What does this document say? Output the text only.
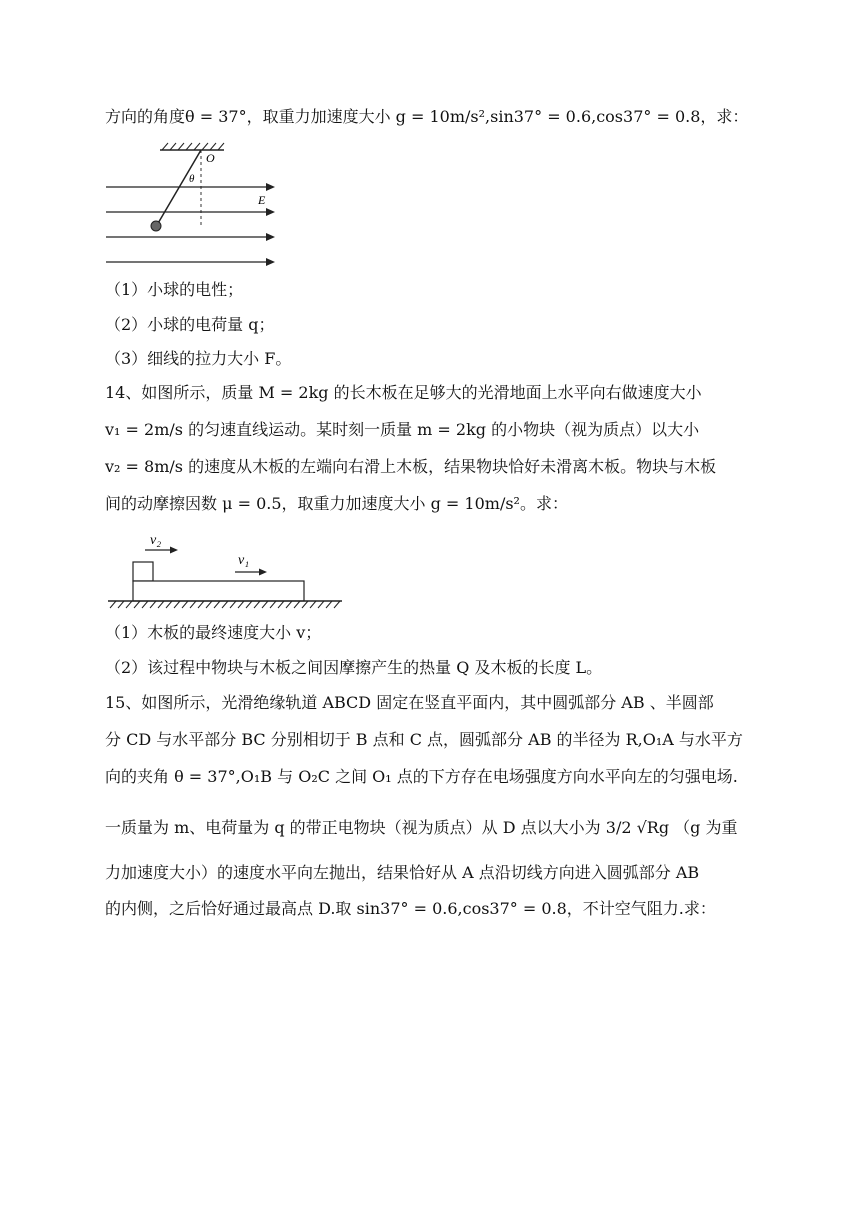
方向的角度θ = 37°，取重力加速度大小 g = 10m/s²,sin37° = 0.6,cos37° = 0.8，求：
O
θ
E
（1）小球的电性；
（2）小球的电荷量 q；
（3）细线的拉力大小 F。
14、如图所示，质量 M = 2kg 的长木板在足够大的光滑地面上水平向右做速度大小
v₁ = 2m/s 的匀速直线运动。某时刻一质量 m = 2kg 的小物块（视为质点）以大小
v₂ = 8m/s 的速度从木板的左端向右滑上木板，结果物块恰好未滑离木板。物块与木板
间的动摩擦因数 μ = 0.5，取重力加速度大小 g = 10m/s²。求：
v₂
v₁
（1）木板的最终速度大小 v；
（2）该过程中物块与木板之间因摩擦产生的热量 Q 及木板的长度 L。
15、如图所示，光滑绝缘轨道 ABCD 固定在竖直平面内，其中圆弧部分 AB 、半圆部
分 CD 与水平部分 BC 分别相切于 B 点和 C 点，圆弧部分 AB 的半径为 R,O₁A 与水平方
向的夹角 θ = 37°,O₁B 与 O₂C 之间 O₁ 点的下方存在电场强度方向水平向左的匀强电场.
一质量为 m、电荷量为 q 的带正电物块（视为质点）从 D 点以大小为 3/2 √Rg （g 为重
力加速度大小）的速度水平向左抛出，结果恰好从 A 点沿切线方向进入圆弧部分 AB
的内侧，之后恰好通过最高点 D.取 sin37° = 0.6,cos37° = 0.8，不计空气阻力.求：
